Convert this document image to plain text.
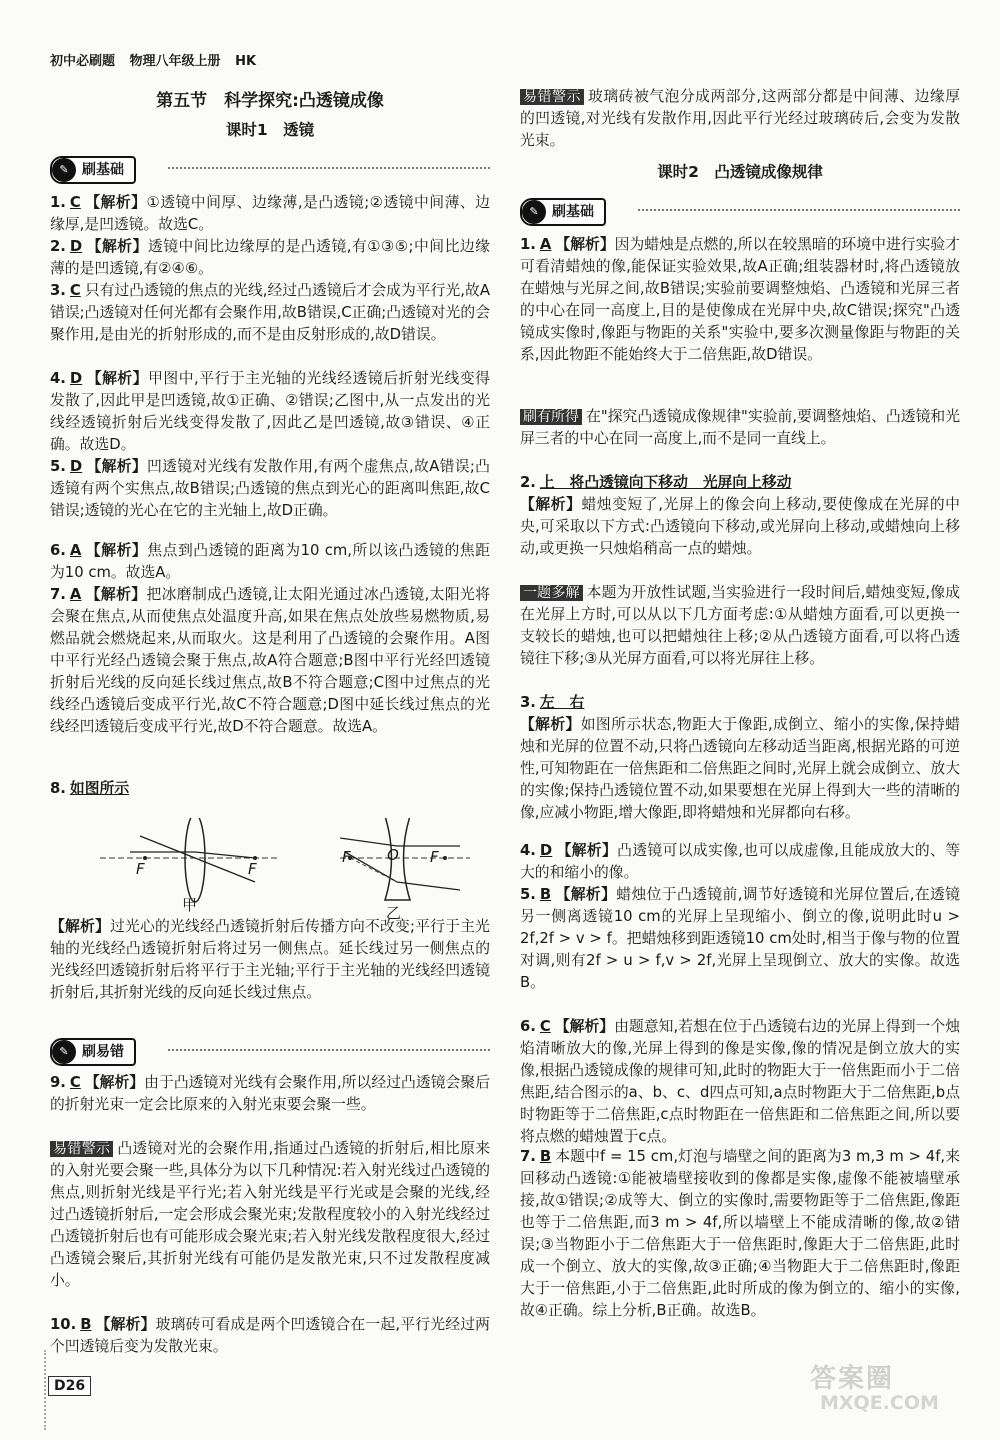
初中必刷题 物理八年级上册 HK

第五节　科学探究:凸透镜成像

课时1　透镜

✎ 刷基础

1. C 【解析】①透镜中间厚、边缘薄,是凸透镜;②透镜中间薄、边缘厚,是凹透镜。故选C。

2. D 【解析】透镜中间比边缘厚的是凸透镜,有①③⑤;中间比边缘薄的是凹透镜,有②④⑥。

3. C 只有过凸透镜的焦点的光线,经过凸透镜后才会成为平行光,故A错误;凸透镜对任何光都有会聚作用,故B错误,C正确;凸透镜对光的会聚作用,是由光的折射形成的,而不是由反射形成的,故D错误。

4. D 【解析】甲图中,平行于主光轴的光线经透镜后折射光线变得发散了,因此甲是凹透镜,故①正确、②错误;乙图中,从一点发出的光线经透镜折射后光线变得发散了,因此乙是凹透镜,故③错误、④正确。故选D。

5. D 【解析】凹透镜对光线有发散作用,有两个虚焦点,故A错误;凸透镜有两个实焦点,故B错误;凸透镜的焦点到光心的距离叫焦距,故C错误;透镜的光心在它的主光轴上,故D正确。

6. A 【解析】焦点到凸透镜的距离为10 cm,所以该凸透镜的焦距为10 cm。故选A。

7. A 【解析】把冰磨制成凸透镜,让太阳光通过冰凸透镜,太阳光将会聚在焦点,从而使焦点处温度升高,如果在焦点处放些易燃物质,易燃品就会燃烧起来,从而取火。这是利用了凸透镜的会聚作用。A图中平行光经凸透镜会聚于焦点,故A符合题意;B图中平行光经凹透镜折射后光线的反向延长线过焦点,故B不符合题意;C图中过焦点的光线经凸透镜后变成平行光,故C不符合题意;D图中延长线过焦点的光线经凹透镜后变成平行光,故D不符合题意。故选A。

8. 如图所示

F	F
F O F
甲	乙

【解析】过光心的光线经凸透镜折射后传播方向不改变;平行于主光轴的光线经凸透镜折射后将过另一侧焦点。延长线过另一侧焦点的光线经凹透镜折射后将平行于主光轴;平行于主光轴的光线经凹透镜折射后,其折射光线的反向延长线过焦点。

✎ 刷易错

9. C 【解析】由于凸透镜对光线有会聚作用,所以经过凸透镜会聚后的折射光束一定会比原来的入射光束要会聚一些。

易错警示 凸透镜对光的会聚作用,指通过凸透镜的折射后,相比原来的入射光要会聚一些,具体分为以下几种情况:若入射光线过凸透镜的焦点,则折射光线是平行光;若入射光线是平行光或是会聚的光线,经过凸透镜折射后,一定会形成会聚光束;发散程度较小的入射光线经过凸透镜折射后也有可能形成会聚光束;若入射光线发散程度很大,经过凸透镜会聚后,其折射光线有可能仍是发散光束,只不过发散程度减小。

10. B 【解析】玻璃砖可看成是两个凹透镜合在一起,平行光经过两个凹透镜后变为发散光束。

易错警示 玻璃砖被气泡分成两部分,这两部分都是中间薄、边缘厚的凹透镜,对光线有发散作用,因此平行光经过玻璃砖后,会变为发散光束。

课时2　凸透镜成像规律

✎ 刷基础

1. A 【解析】因为蜡烛是点燃的,所以在较黑暗的环境中进行实验才可看清蜡烛的像,能保证实验效果,故A正确;组装器材时,将凸透镜放在蜡烛与光屏之间,故B错误;实验前要调整烛焰、凸透镜和光屏三者的中心在同一高度上,目的是使像成在光屏中央,故C错误;探究"凸透镜成实像时,像距与物距的关系"实验中,要多次测量像距与物距的关系,因此物距不能始终大于二倍焦距,故D错误。

刷有所得 在"探究凸透镜成像规律"实验前,要调整烛焰、凸透镜和光屏三者的中心在同一高度上,而不是同一直线上。

2. 上　将凸透镜向下移动　光屏向上移动

【解析】蜡烛变短了,光屏上的像会向上移动,要使像成在光屏的中央,可采取以下方式:凸透镜向下移动,或光屏向上移动,或蜡烛向上移动,或更换一只烛焰稍高一点的蜡烛。

一题多解 本题为开放性试题,当实验进行一段时间后,蜡烛变短,像成在光屏上方时,可以从以下几方面考虑:①从蜡烛方面看,可以更换一支较长的蜡烛,也可以把蜡烛往上移;②从凸透镜方面看,可以将凸透镜往下移;③从光屏方面看,可以将光屏往上移。

3. 左　右

【解析】如图所示状态,物距大于像距,成倒立、缩小的实像,保持蜡烛和光屏的位置不动,只将凸透镜向左移动适当距离,根据光路的可逆性,可知物距在一倍焦距和二倍焦距之间时,光屏上就会成倒立、放大的实像;保持凸透镜位置不动,如果要想在光屏上得到大一些的清晰的像,应减小物距,增大像距,即将蜡烛和光屏都向右移。

4. D 【解析】凸透镜可以成实像,也可以成虚像,且能成放大的、等大的和缩小的像。

5. B 【解析】蜡烛位于凸透镜前,调节好透镜和光屏位置后,在透镜另一侧离透镜10 cm的光屏上呈现缩小、倒立的像,说明此时u > 2f,2f > v > f。把蜡烛移到距透镜10 cm处时,相当于像与物的位置对调,则有2f > u > f,v > 2f,光屏上呈现倒立、放大的实像。故选B。

6. C 【解析】由题意知,若想在位于凸透镜右边的光屏上得到一个烛焰清晰放大的像,光屏上得到的像是实像,像的情况是倒立放大的实像,根据凸透镜成像的规律可知,此时的物距大于一倍焦距而小于二倍焦距,结合图示的a、b、c、d四点可知,a点时物距大于二倍焦距,b点时物距等于二倍焦距,c点时物距在一倍焦距和二倍焦距之间,所以要将点燃的蜡烛置于c点。

7. B 本题中f = 15 cm,灯泡与墙壁之间的距离为3 m,3 m > 4f,来回移动凸透镜:①能被墙壁接收到的像都是实像,虚像不能被墙壁承接,故①错误;②成等大、倒立的实像时,需要物距等于二倍焦距,像距也等于二倍焦距,而3 m > 4f,所以墙壁上不能成清晰的像,故②错误;③当物距小于二倍焦距大于一倍焦距时,像距大于二倍焦距,此时成一个倒立、放大的实像,故③正确;④当物距大于二倍焦距时,像距大于一倍焦距,小于二倍焦距,此时所成的像为倒立的、缩小的实像,故④正确。综上分析,B正确。故选B。

D26	答案圈
MXQE.COM
